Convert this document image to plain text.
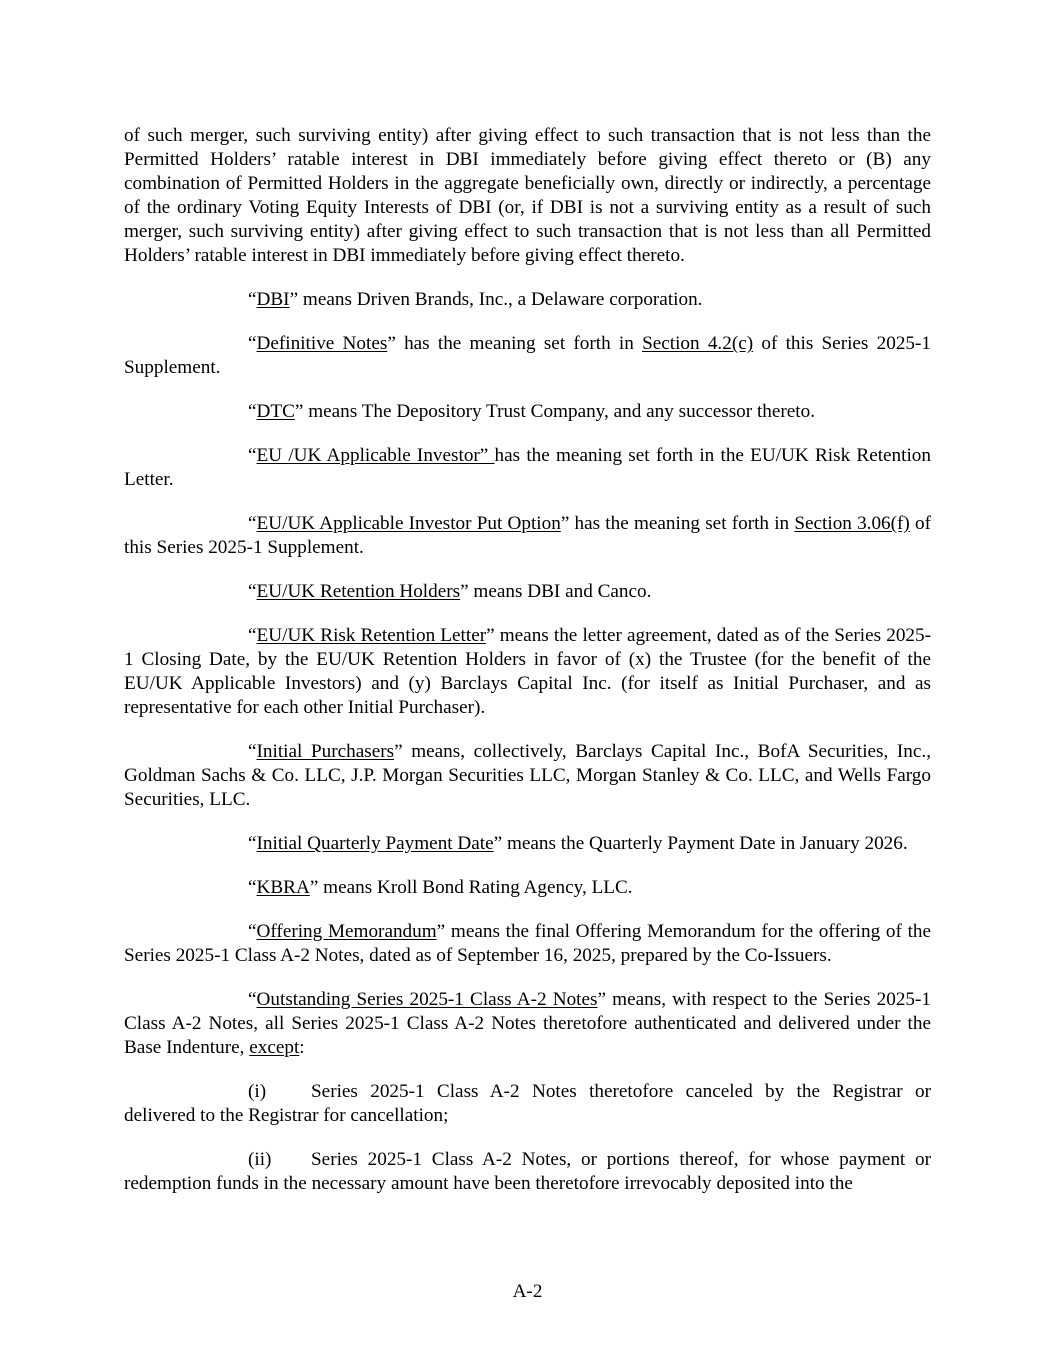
of such merger, such surviving entity) after giving effect to such transaction that is not less than the Permitted Holders’ ratable interest in DBI immediately before giving effect thereto or (B) any combination of Permitted Holders in the aggregate beneficially own, directly or indirectly, a percentage of the ordinary Voting Equity Interests of DBI (or, if DBI is not a surviving entity as a result of such merger, such surviving entity) after giving effect to such transaction that is not less than all Permitted Holders’ ratable interest in DBI immediately before giving effect thereto.

“DBI” means Driven Brands, Inc., a Delaware corporation.

“Definitive Notes” has the meaning set forth in Section 4.2(c) of this Series 2025-1 Supplement.

“DTC” means The Depository Trust Company, and any successor thereto.

“EU /UK Applicable Investor” has the meaning set forth in the EU/UK Risk Retention Letter.

“EU/UK Applicable Investor Put Option” has the meaning set forth in Section 3.06(f) of this Series 2025-1 Supplement.

“EU/UK Retention Holders” means DBI and Canco.

“EU/UK Risk Retention Letter” means the letter agreement, dated as of the Series 2025-1 Closing Date, by the EU/UK Retention Holders in favor of (x) the Trustee (for the benefit of the EU/UK Applicable Investors) and (y) Barclays Capital Inc. (for itself as Initial Purchaser, and as representative for each other Initial Purchaser).

“Initial Purchasers” means, collectively, Barclays Capital Inc., BofA Securities, Inc., Goldman Sachs & Co. LLC, J.P. Morgan Securities LLC, Morgan Stanley & Co. LLC, and Wells Fargo Securities, LLC.

“Initial Quarterly Payment Date” means the Quarterly Payment Date in January 2026.

“KBRA” means Kroll Bond Rating Agency, LLC.

“Offering Memorandum” means the final Offering Memorandum for the offering of the Series 2025-1 Class A-2 Notes, dated as of September 16, 2025, prepared by the Co-Issuers.

“Outstanding Series 2025-1 Class A-2 Notes” means, with respect to the Series 2025-1 Class A-2 Notes, all Series 2025-1 Class A-2 Notes theretofore authenticated and delivered under the Base Indenture, except:

(i) Series 2025-1 Class A-2 Notes theretofore canceled by the Registrar or delivered to the Registrar for cancellation;

(ii) Series 2025-1 Class A-2 Notes, or portions thereof, for whose payment or redemption funds in the necessary amount have been theretofore irrevocably deposited into the

A-2
